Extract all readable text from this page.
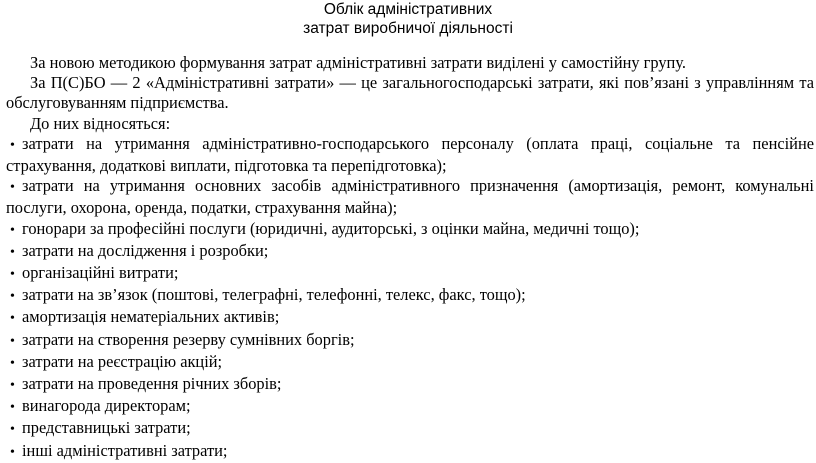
Облік адміністративних
затрат виробничої діяльності

За новою методикою формування затрат адміністративні затрати виділені у самостійну групу.

За П(С)БО — 2 «Адміністративні затрати» — це загальногосподарські затрати, які пов’язані з управлінням та обслуговуванням підприємства.

До них відносяться:

• затрати на утримання адміністративно-господарського персоналу (оплата праці, соціальне та пенсійне страхування, додаткові виплати, підготовка та перепідготовка);

• затрати на утримання основних засобів адміністративного призначення (амортизація, ремонт, комунальні послуги, охорона, оренда, податки, страхування майна);

• гонорари за професійні послуги (юридичні, аудиторські, з оцінки майна, медичні тощо);

• затрати на дослідження і розробки;

• організаційні витрати;

• затрати на зв’язок (поштові, телеграфні, телефонні, телекс, факс, тощо);

• амортизація нематеріальних активів;

• затрати на створення резерву сумнівних боргів;

• затрати на реєстрацію акцій;

• затрати на проведення річних зборів;

• винагорода директорам;

• представницькі затрати;

• інші адміністративні затрати;
